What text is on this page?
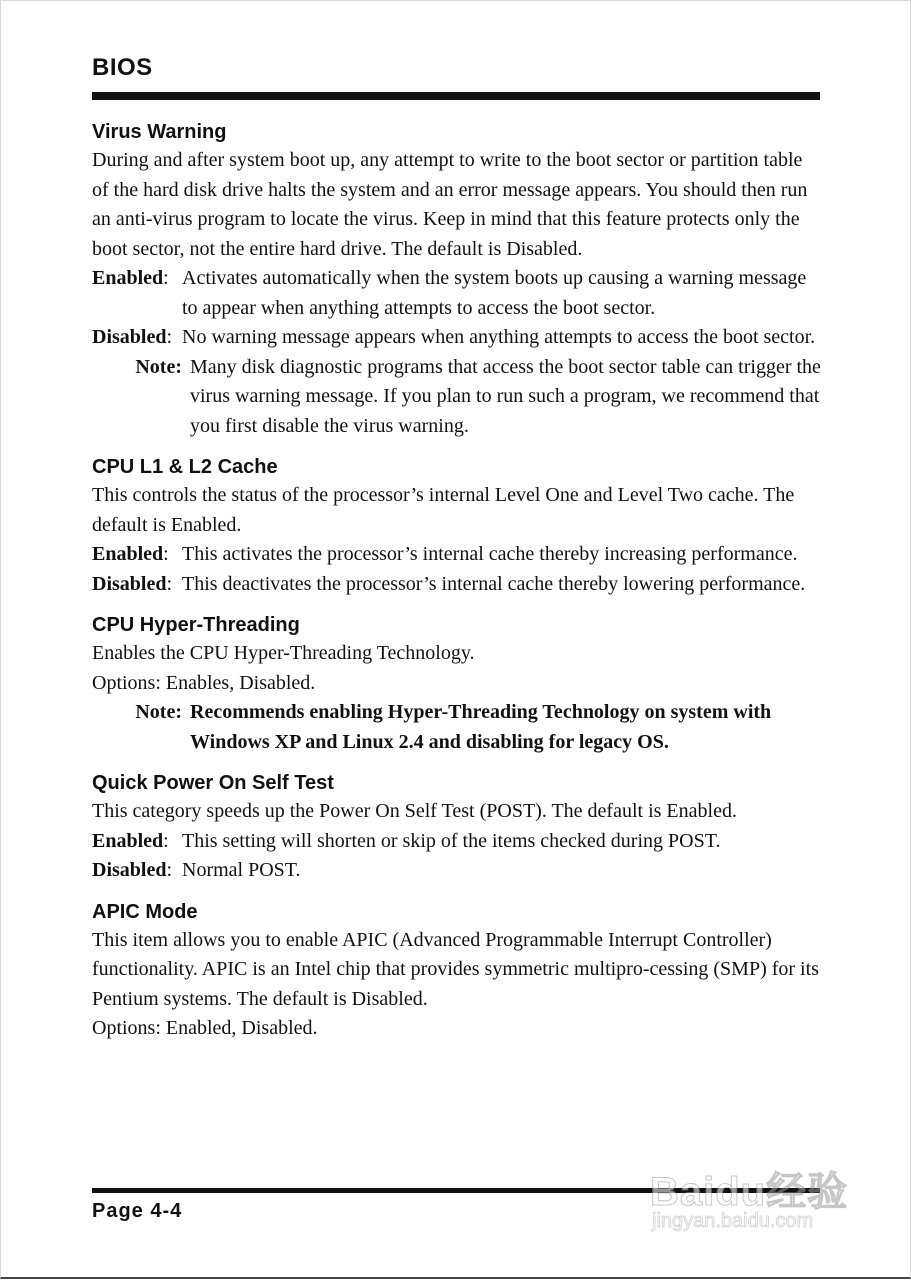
BIOS
Virus Warning
During and after system boot up, any attempt to write to the boot sector or partition table of the hard disk drive halts the system and an error message appears. You should then run an anti-virus program to locate the virus. Keep in mind that this feature protects only the boot sector, not the entire hard drive. The default is Disabled.
Enabled: Activates automatically when the system boots up causing a warning message to appear when anything attempts to access the boot sector.
Disabled: No warning message appears when anything attempts to access the boot sector.
Note: Many disk diagnostic programs that access the boot sector table can trigger the virus warning message. If you plan to run such a program, we recommend that you first disable the virus warning.
CPU L1 & L2 Cache
This controls the status of the processor’s internal Level One and Level Two cache. The default is Enabled.
Enabled: This activates the processor’s internal cache thereby increasing performance.
Disabled: This deactivates the processor’s internal cache thereby lowering performance.
CPU Hyper-Threading
Enables the CPU Hyper-Threading Technology.
Options: Enables, Disabled.
Note: Recommends enabling Hyper-Threading Technology on system with Windows XP and Linux 2.4 and disabling for legacy OS.
Quick Power On Self Test
This category speeds up the Power On Self Test (POST). The default is Enabled.
Enabled: This setting will shorten or skip of the items checked during POST.
Disabled: Normal POST.
APIC Mode
This item allows you to enable APIC (Advanced Programmable Interrupt Controller) functionality. APIC is an Intel chip that provides symmetric multipro-cessing (SMP) for its Pentium systems. The default is Disabled.
Options: Enabled, Disabled.
Page 4-4	Baidu经验
jingyan.baidu.com
